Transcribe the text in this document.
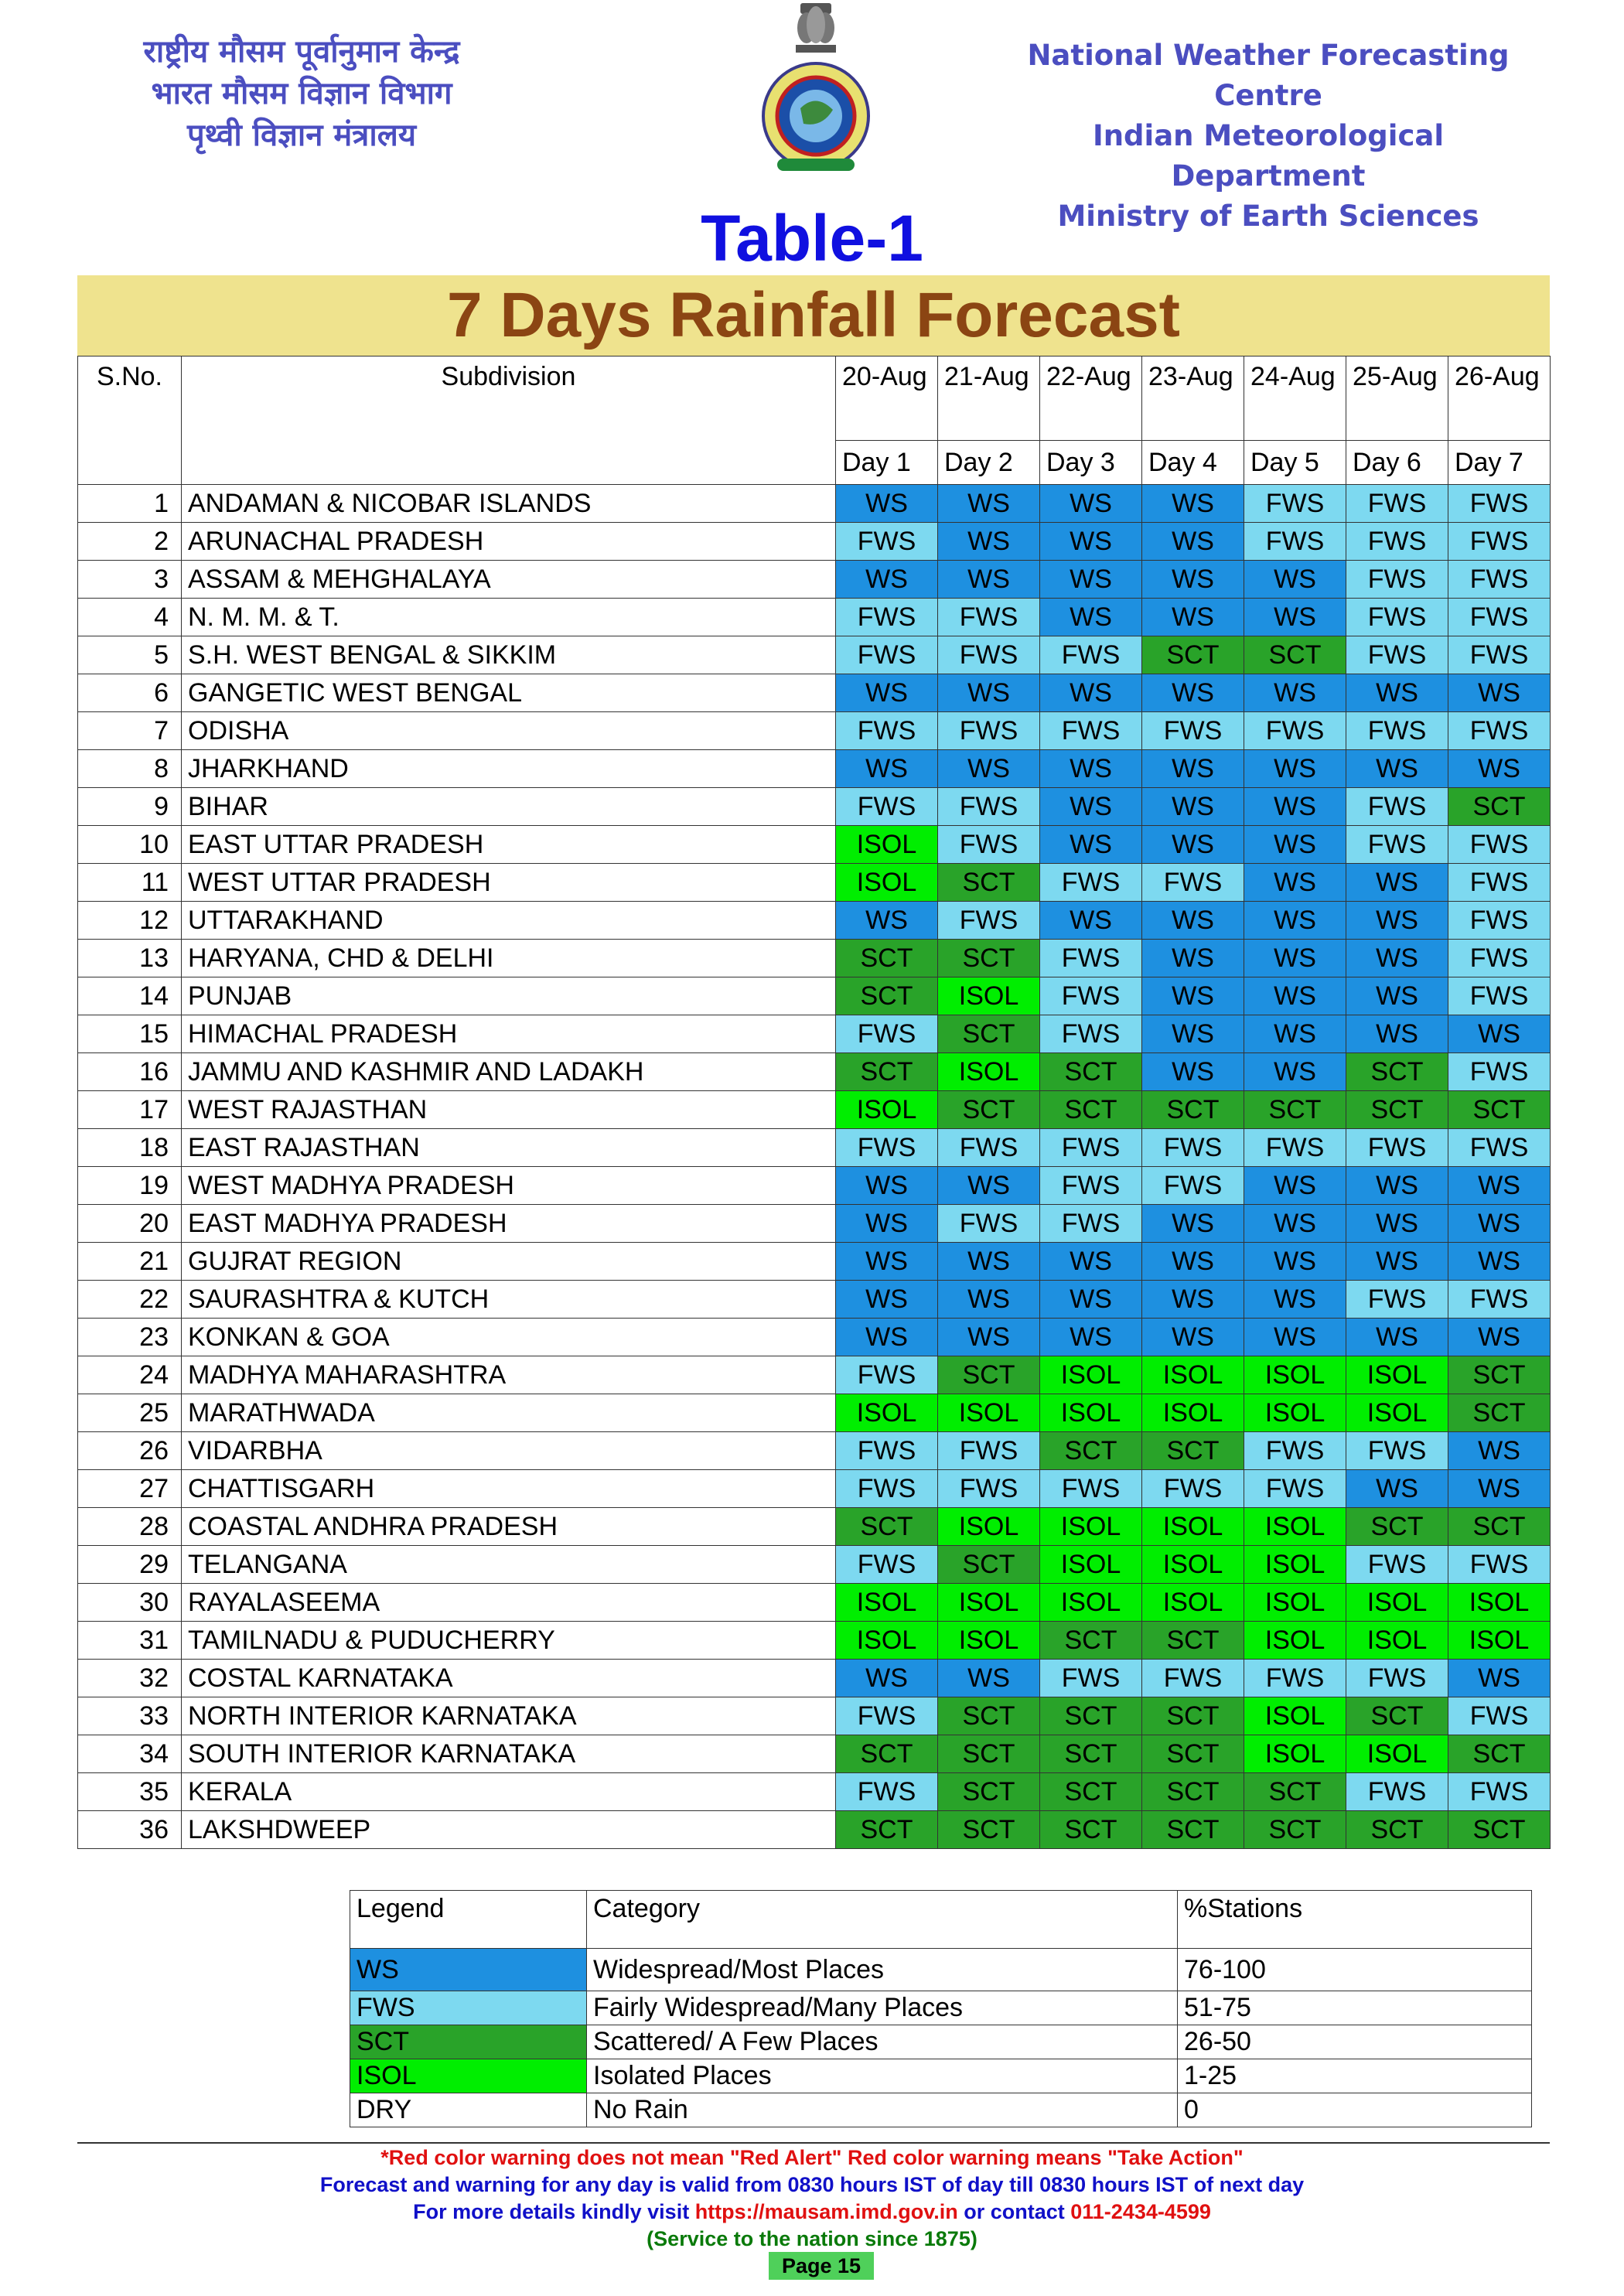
राष्ट्रीय मौसम पूर्वानुमान केन्द्र
भारत मौसम विज्ञान विभाग
पृथ्वी विज्ञान मंत्रालय
National Weather Forecasting Centre
Indian Meteorological Department
Ministry of Earth Sciences
Table-1
7 Days Rainfall Forecast
S.No.	Subdivision	20-Aug	21-Aug	22-Aug	23-Aug	24-Aug	25-Aug	26-Aug
		Day 1	Day 2	Day 3	Day 4	Day 5	Day 6	Day 7
1	ANDAMAN & NICOBAR ISLANDS	WS	WS	WS	WS	FWS	FWS	FWS
2	ARUNACHAL PRADESH	FWS	WS	WS	WS	FWS	FWS	FWS
3	ASSAM & MEHGHALAYA	WS	WS	WS	WS	WS	FWS	FWS
4	N. M. M. & T.	FWS	FWS	WS	WS	WS	FWS	FWS
5	S.H. WEST BENGAL & SIKKIM	FWS	FWS	FWS	SCT	SCT	FWS	FWS
6	GANGETIC WEST BENGAL	WS	WS	WS	WS	WS	WS	WS
7	ODISHA	FWS	FWS	FWS	FWS	FWS	FWS	FWS
8	JHARKHAND	WS	WS	WS	WS	WS	WS	WS
9	BIHAR	FWS	FWS	WS	WS	WS	FWS	SCT
10	EAST UTTAR PRADESH	ISOL	FWS	WS	WS	WS	FWS	FWS
11	WEST UTTAR PRADESH	ISOL	SCT	FWS	FWS	WS	WS	FWS
12	UTTARAKHAND	WS	FWS	WS	WS	WS	WS	FWS
13	HARYANA, CHD & DELHI	SCT	SCT	FWS	WS	WS	WS	FWS
14	PUNJAB	SCT	ISOL	FWS	WS	WS	WS	FWS
15	HIMACHAL PRADESH	FWS	SCT	FWS	WS	WS	WS	WS
16	JAMMU AND KASHMIR AND LADAKH	SCT	ISOL	SCT	WS	WS	SCT	FWS
17	WEST RAJASTHAN	ISOL	SCT	SCT	SCT	SCT	SCT	SCT
18	EAST RAJASTHAN	FWS	FWS	FWS	FWS	FWS	FWS	FWS
19	WEST MADHYA PRADESH	WS	WS	FWS	FWS	WS	WS	WS
20	EAST MADHYA PRADESH	WS	FWS	FWS	WS	WS	WS	WS
21	GUJRAT REGION	WS	WS	WS	WS	WS	WS	WS
22	SAURASHTRA & KUTCH	WS	WS	WS	WS	WS	FWS	FWS
23	KONKAN & GOA	WS	WS	WS	WS	WS	WS	WS
24	MADHYA MAHARASHTRA	FWS	SCT	ISOL	ISOL	ISOL	ISOL	SCT
25	MARATHWADA	ISOL	ISOL	ISOL	ISOL	ISOL	ISOL	SCT
26	VIDARBHA	FWS	FWS	SCT	SCT	FWS	FWS	WS
27	CHATTISGARH	FWS	FWS	FWS	FWS	FWS	WS	WS
28	COASTAL ANDHRA PRADESH	SCT	ISOL	ISOL	ISOL	ISOL	SCT	SCT
29	TELANGANA	FWS	SCT	ISOL	ISOL	ISOL	FWS	FWS
30	RAYALASEEMA	ISOL	ISOL	ISOL	ISOL	ISOL	ISOL	ISOL
31	TAMILNADU & PUDUCHERRY	ISOL	ISOL	SCT	SCT	ISOL	ISOL	ISOL
32	COSTAL KARNATAKA	WS	WS	FWS	FWS	FWS	FWS	WS
33	NORTH INTERIOR KARNATAKA	FWS	SCT	SCT	SCT	ISOL	SCT	FWS
34	SOUTH INTERIOR KARNATAKA	SCT	SCT	SCT	SCT	ISOL	ISOL	SCT
35	KERALA	FWS	SCT	SCT	SCT	SCT	FWS	FWS
36	LAKSHDWEEP	SCT	SCT	SCT	SCT	SCT	SCT	SCT
Legend	Category	%Stations
WS	Widespread/Most Places	76-100
FWS	Fairly Widespread/Many Places	51-75
SCT	Scattered/ A Few Places	26-50
ISOL	Isolated Places	1-25
DRY	No Rain	0
*Red color warning does not mean "Red Alert" Red color warning means "Take Action"
Forecast and warning for any day is valid from 0830 hours IST of day till 0830 hours IST of next day
For more details kindly visit https://mausam.imd.gov.in or contact 011-2434-4599
(Service to the nation since 1875)
Page 15
